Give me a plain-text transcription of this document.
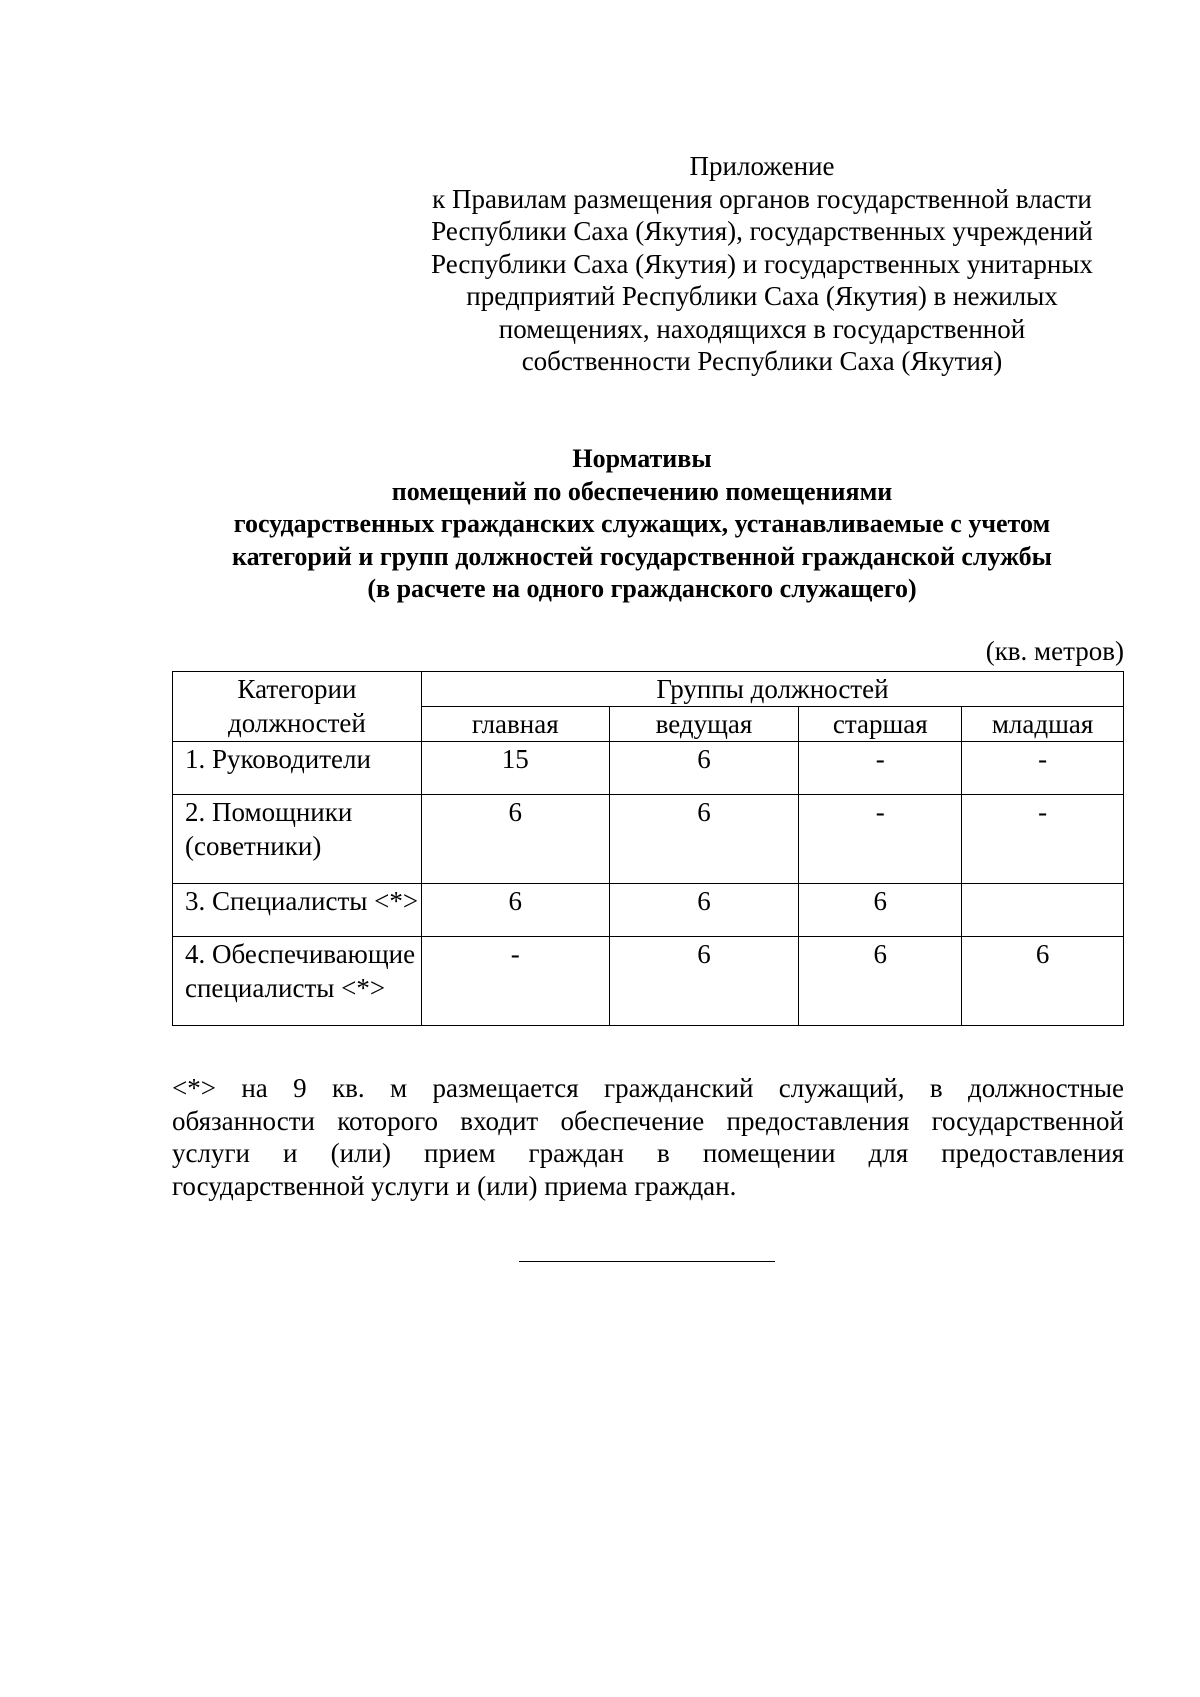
Приложение
к Правилам размещения органов государственной власти
Республики Саха (Якутия), государственных учреждений
Республики Саха (Якутия) и государственных унитарных
предприятий Республики Саха (Якутия) в нежилых
помещениях, находящихся в государственной
собственности Республики Саха (Якутия)
Нормативы
помещений по обеспечению помещениями
государственных гражданских служащих, устанавливаемые с учетом
категорий и групп должностей государственной гражданской службы
(в расчете на одного гражданского служащего)
(кв. метров)
Категории
должностей	Группы должностей			
	главная	ведущая	старшая	младшая

1. Руководители	15	6	-	-

2. Помощники
(советники)	6	6	-	-

3. Специалисты <*>	6	6	6	

4. Обеспечивающие
специалисты <*>	-	6	6	6
<*> на 9 кв. м размещается гражданский служащий, в должностные
обязанности которого входит обеспечение предоставления государственной
услуги и (или) прием граждан в помещении для предоставления
государственной услуги и (или) приема граждан.
